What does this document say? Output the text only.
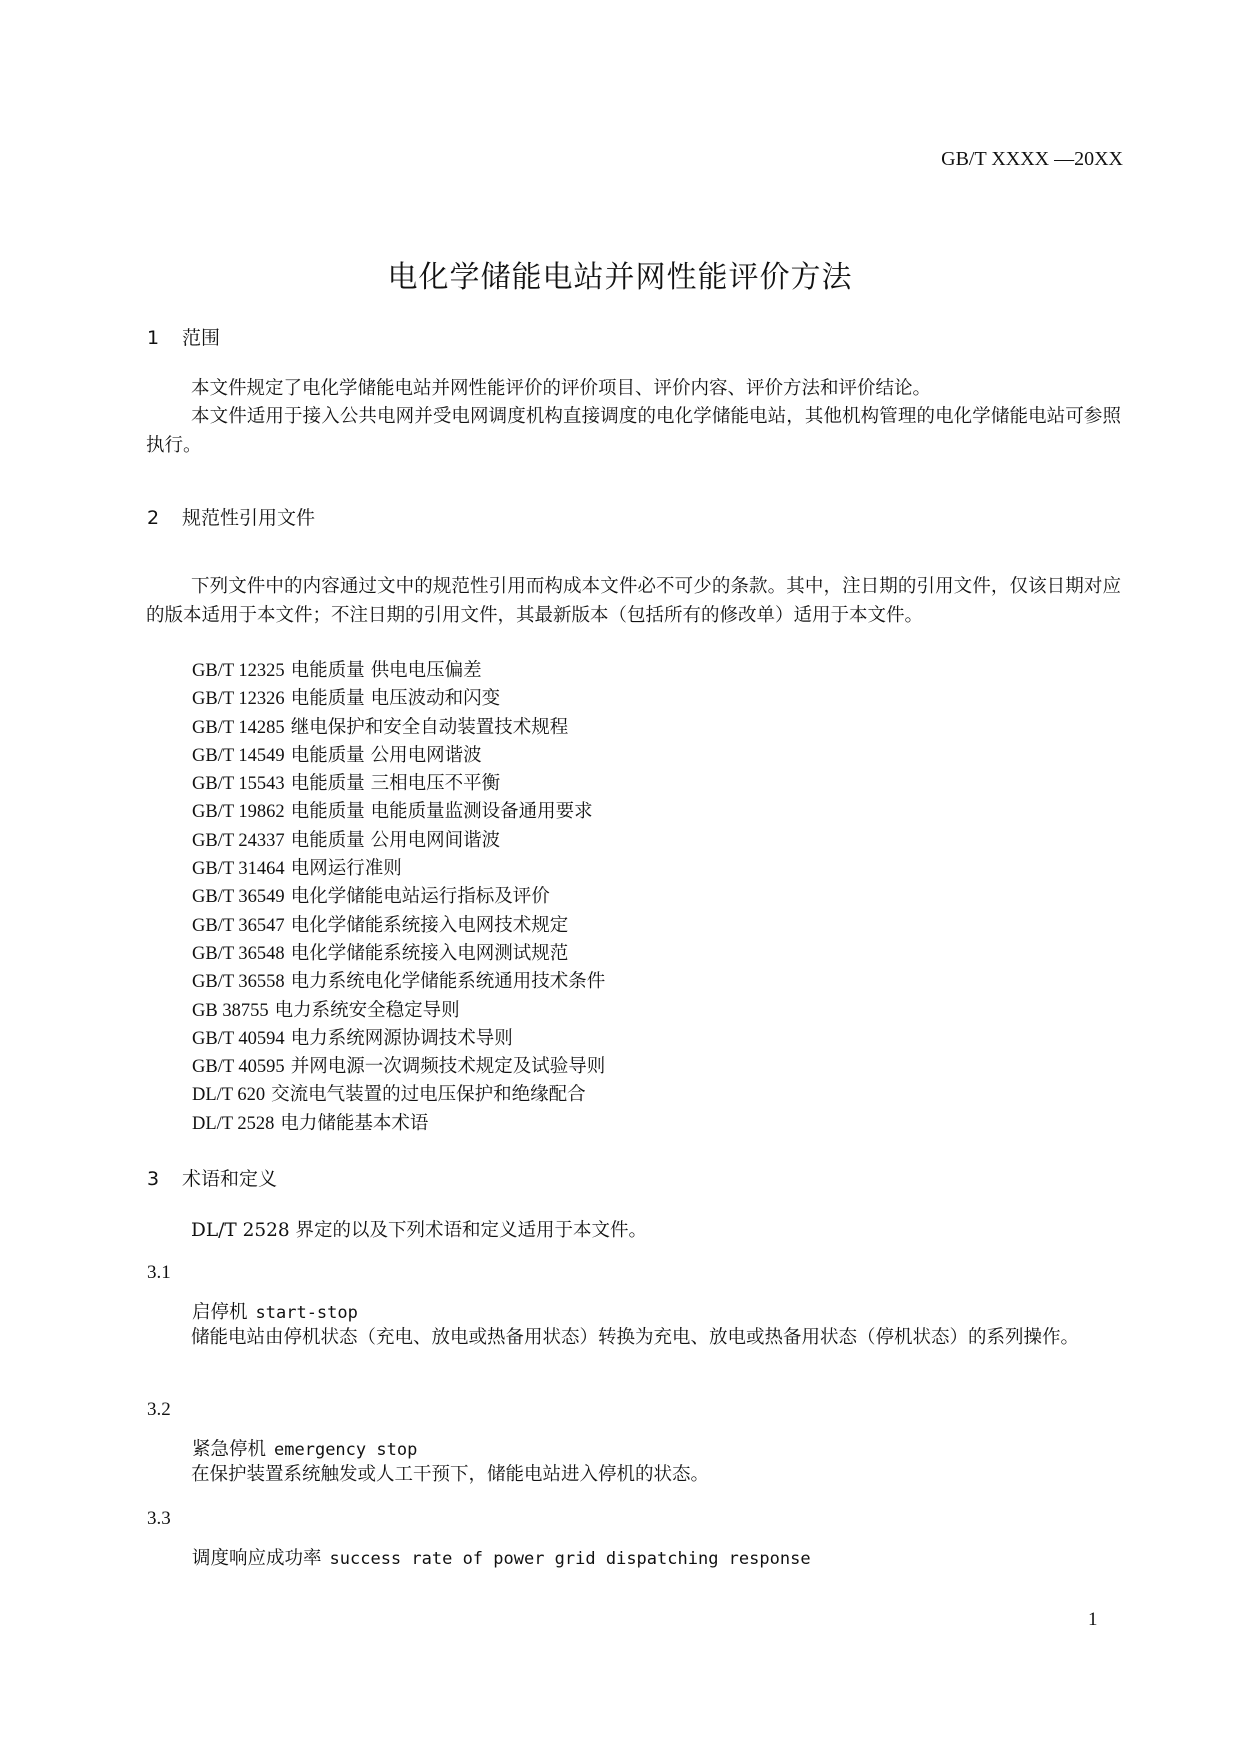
GB/T XXXX —20XX
电化学储能电站并网性能评价方法
1 范围
本文件规定了电化学储能电站并网性能评价的评价项目、评价内容、评价方法和评价结论。
本文件适用于接入公共电网并受电网调度机构直接调度的电化学储能电站，其他机构管理的电化学储能电站可参照执行。
2 规范性引用文件
下列文件中的内容通过文中的规范性引用而构成本文件必不可少的条款。其中，注日期的引用文件，仅该日期对应的版本适用于本文件；不注日期的引用文件，其最新版本（包括所有的修改单）适用于本文件。
GB/T 12325 电能质量 供电电压偏差
GB/T 12326 电能质量 电压波动和闪变
GB/T 14285 继电保护和安全自动装置技术规程
GB/T 14549 电能质量 公用电网谐波
GB/T 15543 电能质量 三相电压不平衡
GB/T 19862 电能质量 电能质量监测设备通用要求
GB/T 24337 电能质量 公用电网间谐波
GB/T 31464 电网运行准则
GB/T 36549 电化学储能电站运行指标及评价
GB/T 36547 电化学储能系统接入电网技术规定
GB/T 36548 电化学储能系统接入电网测试规范
GB/T 36558 电力系统电化学储能系统通用技术条件
GB 38755 电力系统安全稳定导则
GB/T 40594 电力系统网源协调技术导则
GB/T 40595 并网电源一次调频技术规定及试验导则
DL/T 620 交流电气装置的过电压保护和绝缘配合
DL/T 2528 电力储能基本术语
3 术语和定义
DL/T 2528 界定的以及下列术语和定义适用于本文件。
3.1
启停机 start-stop
储能电站由停机状态（充电、放电或热备用状态）转换为充电、放电或热备用状态（停机状态）的系列操作。
3.2
紧急停机 emergency stop
在保护装置系统触发或人工干预下，储能电站进入停机的状态。
3.3
调度响应成功率 success rate of power grid dispatching response
1
